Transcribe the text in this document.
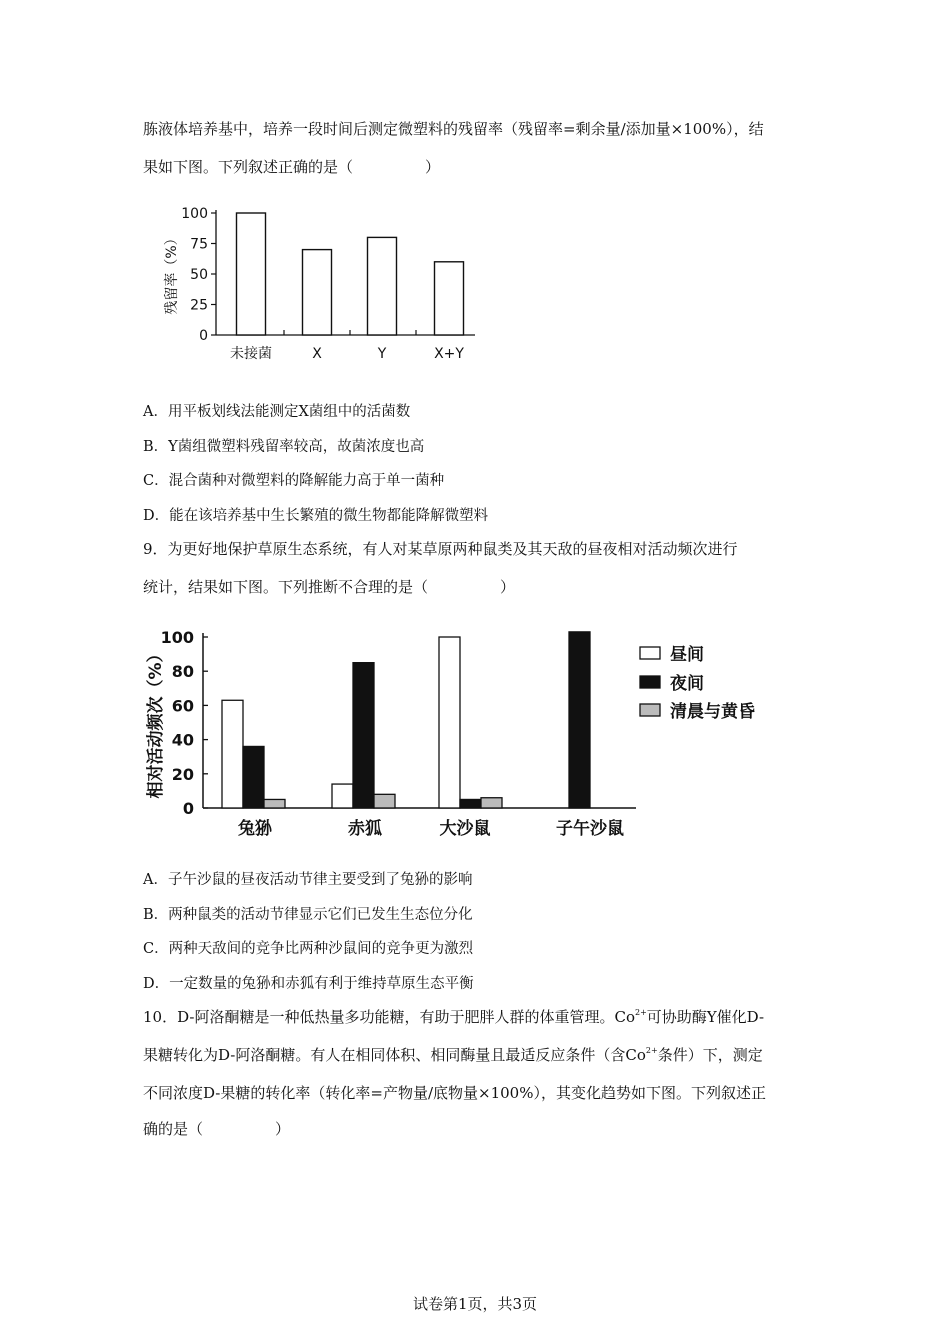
胨液体培养基中，培养一段时间后测定微塑料的残留率（残留率=剩余量/添加量×100%），结
果如下图。下列叙述正确的是（	）
0
25
50
75
100
未接菌	X	Y	X+Y
残留率（%）
A．用平板划线法能测定X菌组中的活菌数
B．Y菌组微塑料残留率较高，故菌浓度也高
C．混合菌种对微塑料的降解能力高于单一菌种
D．能在该培养基中生长繁殖的微生物都能降解微塑料
9．为更好地保护草原生态系统，有人对某草原两种鼠类及其天敌的昼夜相对活动频次进行
统计，结果如下图。下列推断不合理的是（	）
0
20
40
60
80
100
兔狲	赤狐	大沙鼠	子午沙鼠
相对活动频次（%）	昼间
夜间
清晨与黄昏
A．子午沙鼠的昼夜活动节律主要受到了兔狲的影响
B．两种鼠类的活动节律显示它们已发生生态位分化
C．两种天敌间的竞争比两种沙鼠间的竞争更为激烈
D．一定数量的兔狲和赤狐有利于维持草原生态平衡
10．D-阿洛酮糖是一种低热量多功能糖，有助于肥胖人群的体重管理。$Co^{2+}$可协助酶Y催化D-
果糖转化为D-阿洛酮糖。有人在相同体积、相同酶量且最适反应条件（含$Co^{2+}$条件）下，测定
不同浓度D-果糖的转化率（转化率=产物量/底物量×100%），其变化趋势如下图。下列叙述正
确的是（	）
试卷第1页，共3页
